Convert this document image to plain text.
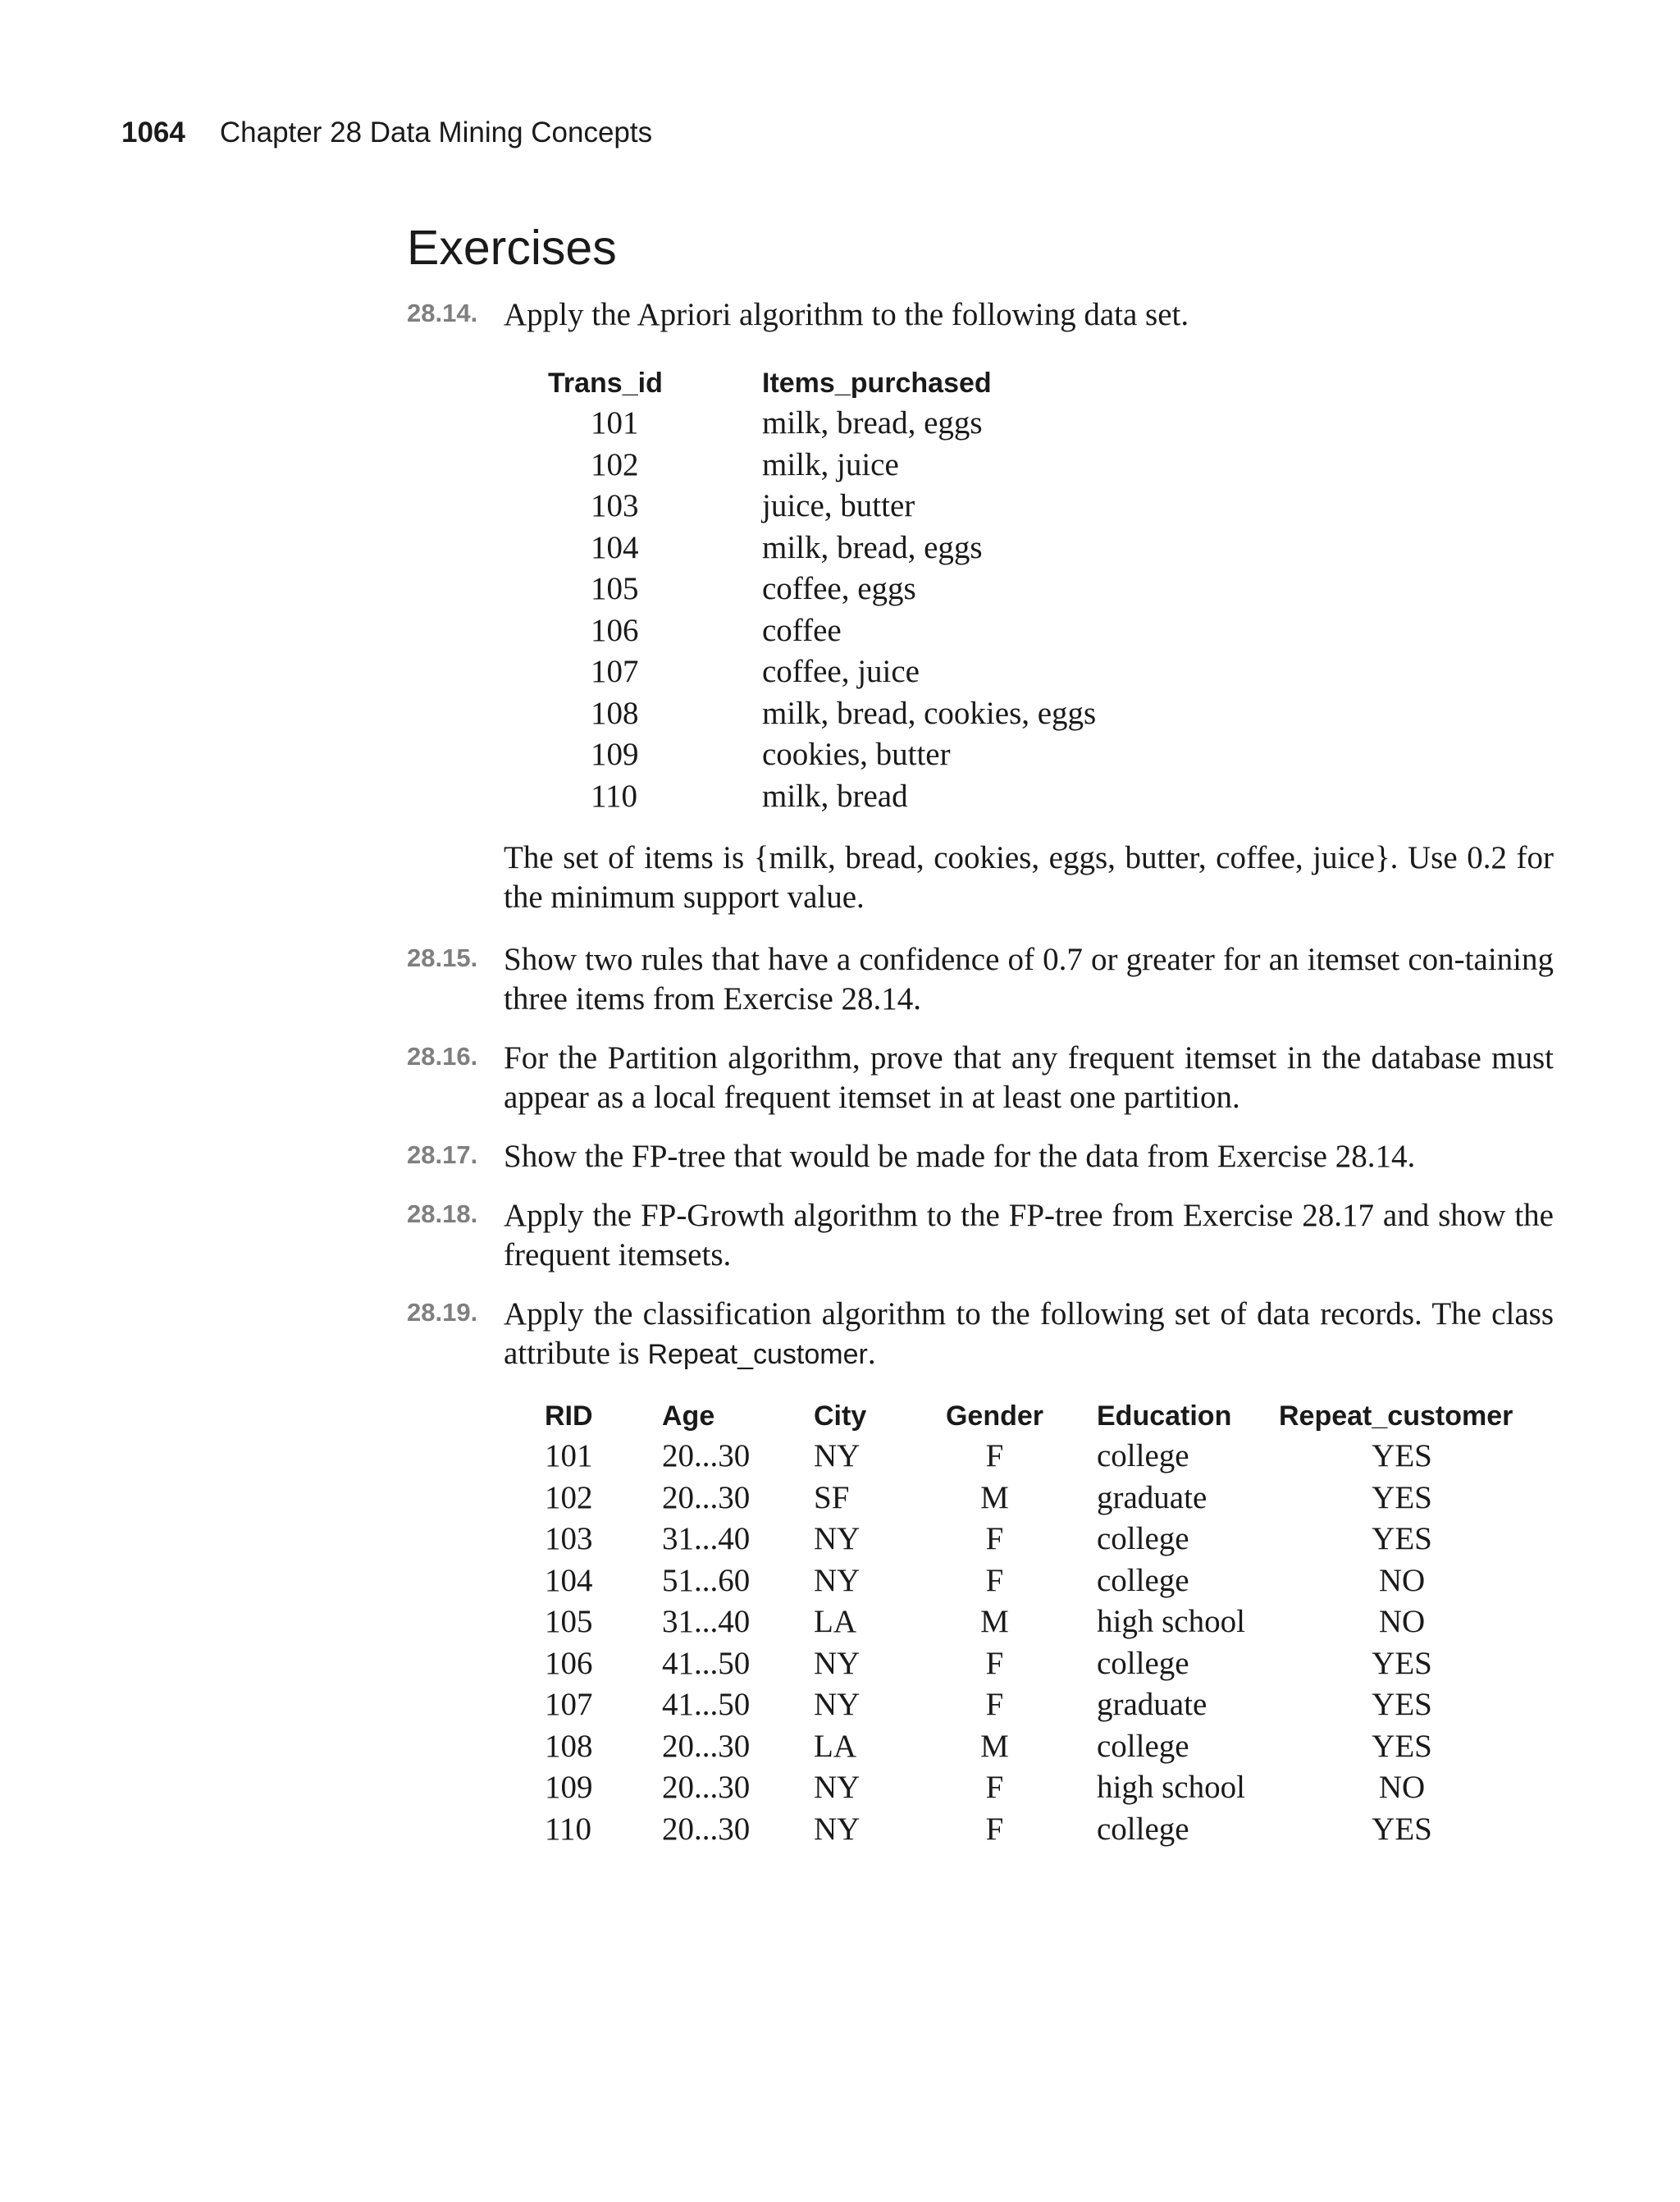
1064 Chapter 28 Data Mining Concepts
Exercises
28.14. Apply the Apriori algorithm to the following data set.
Trans_id	Items_purchased
101	milk, bread, eggs
102	milk, juice
103	juice, butter
104	milk, bread, eggs
105	coffee, eggs
106	coffee
107	coffee, juice
108	milk, bread, cookies, eggs
109	cookies, butter
110	milk, bread
The set of items is {milk, bread, cookies, eggs, butter, coffee, juice}. Use 0.2 for the minimum support value.
28.15. Show two rules that have a confidence of 0.7 or greater for an itemset con-taining three items from Exercise 28.14.
28.16. For the Partition algorithm, prove that any frequent itemset in the database must appear as a local frequent itemset in at least one partition.
28.17. Show the FP-tree that would be made for the data from Exercise 28.14.
28.18. Apply the FP-Growth algorithm to the FP-tree from Exercise 28.17 and show the frequent itemsets.
28.19. Apply the classification algorithm to the following set of data records. The class attribute is Repeat_customer.
RID	Age	City	Gender	Education	Repeat_customer
101	20...30	NY	F	college	YES
102	20...30	SF	M	graduate	YES
103	31...40	NY	F	college	YES
104	51...60	NY	F	college	NO
105	31...40	LA	M	high school	NO
106	41...50	NY	F	college	YES
107	41...50	NY	F	graduate	YES
108	20...30	LA	M	college	YES
109	20...30	NY	F	high school	NO
110	20...30	NY	F	college	YES
